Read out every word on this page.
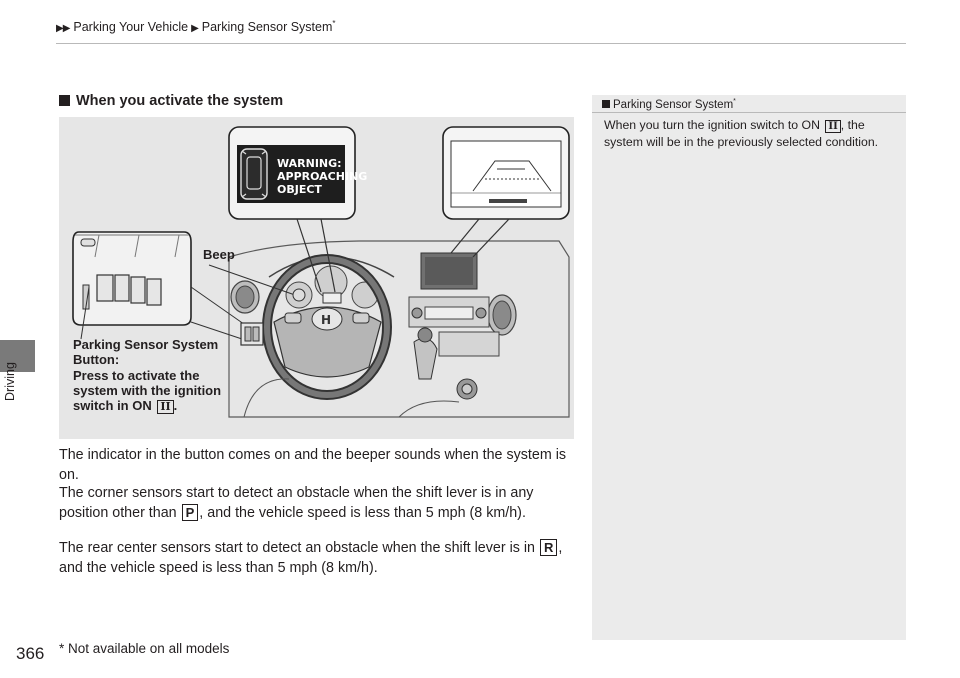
▶▶ Parking Your Vehicle ▶ Parking Sensor System*
Driving
When you activate the system
H
WARNING:
APPROACHING
OBJECT
Beep
Parking Sensor System
Button:
Press to activate the system with the ignition switch in ON II .
The indicator in the button comes on and the beeper sounds when the system is on.
The corner sensors start to detect an obstacle when the shift lever is in any position other than P , and the vehicle speed is less than 5 mph (8 km/h).
The rear center sensors start to detect an obstacle when the shift lever is in R , and the vehicle speed is less than 5 mph (8 km/h).
Parking Sensor System*
When you turn the ignition switch to ON II , the system will be in the previously selected condition.
366 * Not available on all models
